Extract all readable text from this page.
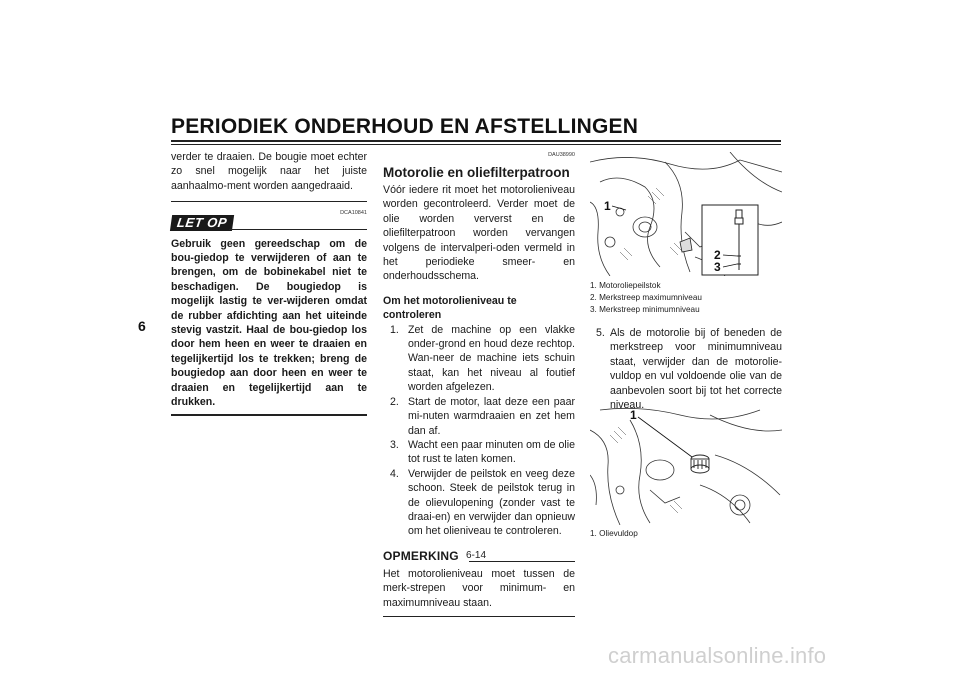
PERIODIEK ONDERHOUD EN AFSTELLINGEN
6
verder te draaien. De bougie moet echter zo snel mogelijk naar het juiste aanhaalmo-ment worden aangedraaid.
DCA10841
LET OP
Gebruik geen gereedschap om de bou-giedop te verwijderen of aan te brengen, om de bobinekabel niet te beschadigen. De bougiedop is mogelijk lastig te ver-wijderen omdat de rubber afdichting aan het uiteinde stevig vastzit. Haal de bou-giedop los door hem heen en weer te draaien en tegelijkertijd los te trekken; breng de bougiedop aan door heen en weer te draaien en tegelijkertijd aan te drukken.
DAU38990
Motorolie en oliefilterpatroon
Vóór iedere rit moet het motorolieniveau worden gecontroleerd. Verder moet de olie worden ververst en de oliefilterpatroon worden vervangen volgens de intervalperi-oden vermeld in het periodieke smeer- en onderhoudsschema.
Om het motorolieniveau te controleren
1. Zet de machine op een vlakke onder-grond en houd deze rechtop. Wan-neer de machine iets schuin staat, kan het niveau al foutief worden afgelezen.
2. Start de motor, laat deze een paar mi-nuten warmdraaien en zet hem dan af.
3. Wacht een paar minuten om de olie tot rust te laten komen.
4. Verwijder de peilstok en veeg deze schoon. Steek de peilstok terug in de olievulopening (zonder vast te draai-en) en verwijder dan opnieuw om het olieniveau te controleren.
OPMERKING
Het motorolieniveau moet tussen de merk-strepen voor minimum- en maximumniveau staan.
1
2
3
1. Motoroliepeilstok
2. Merkstreep maximumniveau
3. Merkstreep minimumniveau
5. Als de motorolie bij of beneden de merkstreep voor minimumniveau staat, verwijder dan de motorolie-vuldop en vul voldoende olie van de aanbevolen soort bij tot het correcte niveau.
1
1. Olievuldop
6-14
carmanualsonline.info
